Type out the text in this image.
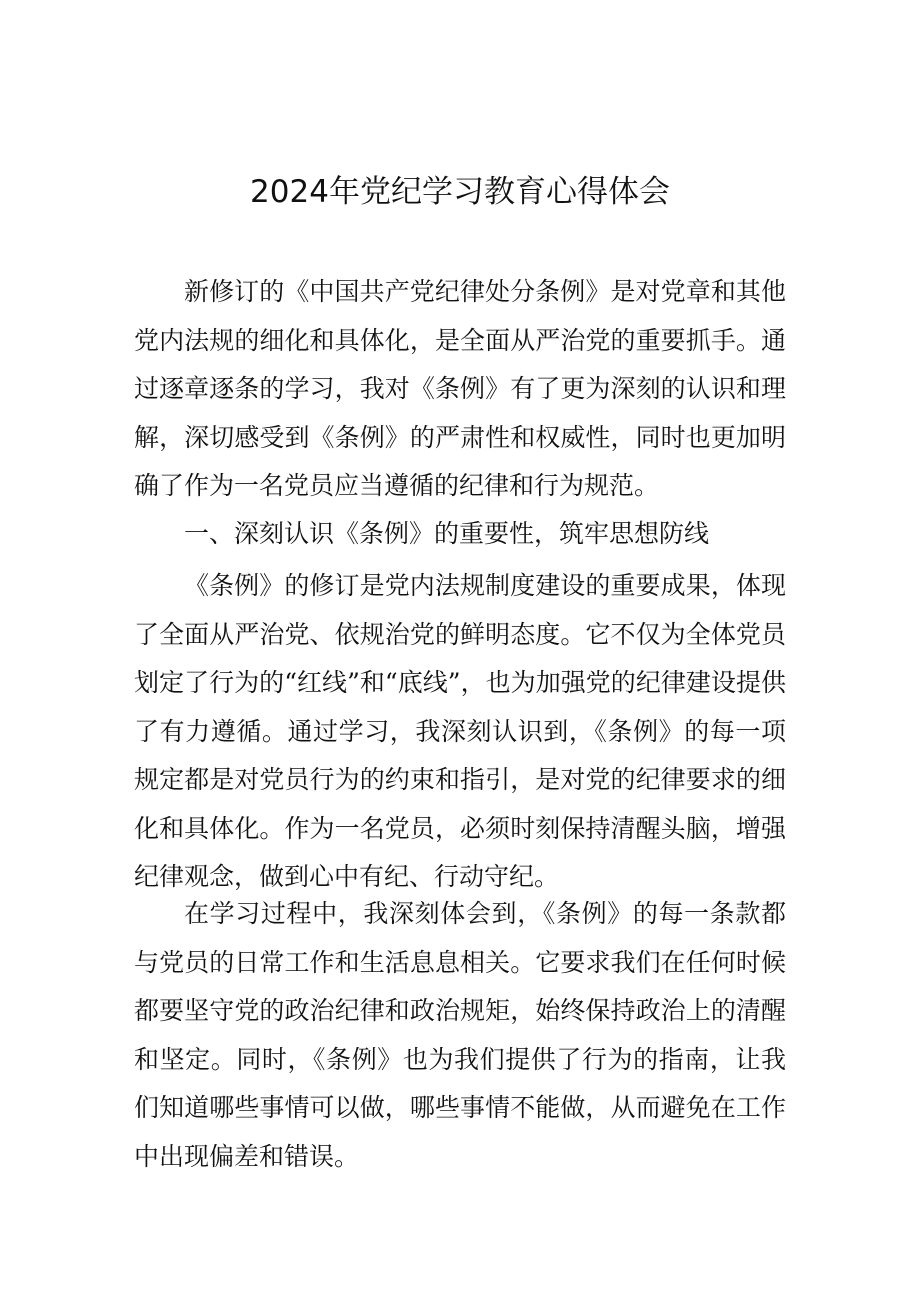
2024年党纪学习教育心得体会

新修订的《中国共产党纪律处分条例》是对党章和其他党内法规的细化和具体化，是全面从严治党的重要抓手。通过逐章逐条的学习，我对《条例》有了更为深刻的认识和理解，深切感受到《条例》的严肃性和权威性，同时也更加明确了作为一名党员应当遵循的纪律和行为规范。

一、深刻认识《条例》的重要性，筑牢思想防线

《条例》的修订是党内法规制度建设的重要成果，体现了全面从严治党、依规治党的鲜明态度。它不仅为全体党员划定了行为的“红线”和“底线”，也为加强党的纪律建设提供了有力遵循。通过学习，我深刻认识到，《条例》的每一项规定都是对党员行为的约束和指引，是对党的纪律要求的细化和具体化。作为一名党员，必须时刻保持清醒头脑，增强纪律观念，做到心中有纪、行动守纪。

在学习过程中，我深刻体会到，《条例》的每一条款都与党员的日常工作和生活息息相关。它要求我们在任何时候都要坚守党的政治纪律和政治规矩，始终保持政治上的清醒和坚定。同时，《条例》也为我们提供了行为的指南，让我们知道哪些事情可以做，哪些事情不能做，从而避免在工作中出现偏差和错误。
